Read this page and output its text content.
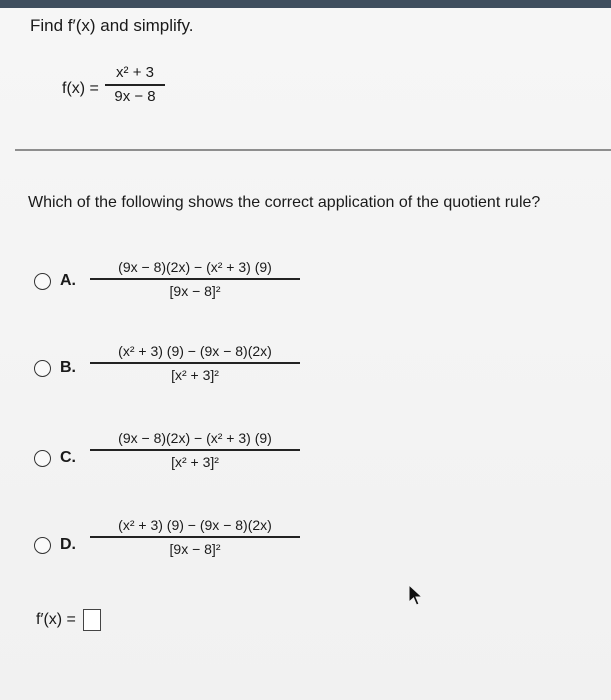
Find f′(x) and simplify.
f(x) =
x² + 3
9x − 8
Which of the following shows the correct application of the quotient rule?
A.
(9x − 8)(2x) − (x² + 3) (9)
[9x − 8]²
B.
(x² + 3) (9) − (9x − 8)(2x)
[x² + 3]²
C.
(9x − 8)(2x) − (x² + 3) (9)
[x² + 3]²
D.
(x² + 3) (9) − (9x − 8)(2x)
[9x − 8]²
f′(x) =
